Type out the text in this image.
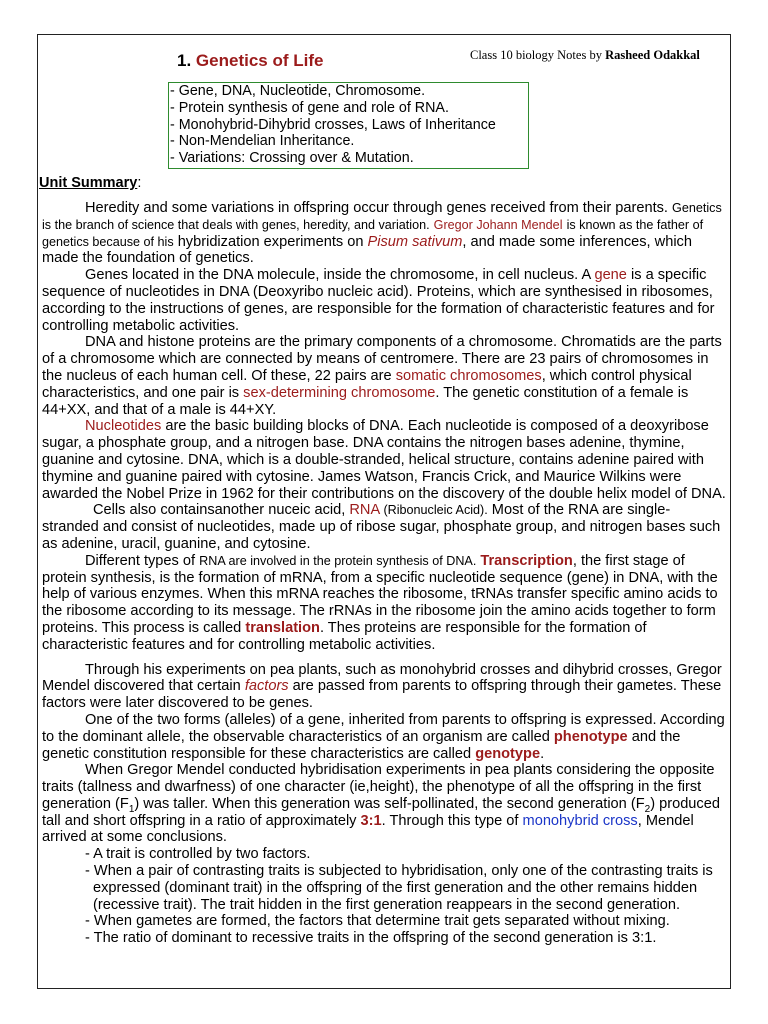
1. Genetics of Life	Class 10 biology Notes by Rasheed Odakkal
- Gene, DNA, Nucleotide, Chromosome.
- Protein synthesis of gene and role of RNA.
- Monohybrid-Dihybrid crosses, Laws of Inheritance
- Non-Mendelian Inheritance.
- Variations: Crossing over & Mutation.
Unit Summary:

Heredity and some variations in offspring occur through genes received from their parents. Genetics is the branch of science that deals with genes, heredity, and variation. Gregor Johann Mendel is known as the father of genetics because of his hybridization experiments on Pisum sativum, and made some inferences, which made the foundation of genetics.

Genes located in the DNA molecule, inside the chromosome, in cell nucleus. A gene is a specific sequence of nucleotides in DNA (Deoxyribo nucleic acid). Proteins, which are synthesised in ribosomes, according to the instructions of genes, are responsible for the formation of characteristic features and for controlling metabolic activities.

DNA and histone proteins are the primary components of a chromosome. Chromatids are the parts of a chromosome which are connected by means of centromere. There are 23 pairs of chromosomes in the nucleus of each human cell. Of these, 22 pairs are somatic chromosomes, which control physical characteristics, and one pair is sex-determining chromosome. The genetic constitution of a female is 44+XX, and that of a male is 44+XY.

Nucleotides are the basic building blocks of DNA. Each nucleotide is composed of a deoxyribose sugar, a phosphate group, and a nitrogen base. DNA contains the nitrogen bases adenine, thymine, guanine and cytosine. DNA, which is a double-stranded, helical structure, contains adenine paired with thymine and guanine paired with cytosine. James Watson, Francis Crick, and Maurice Wilkins were awarded the Nobel Prize in 1962 for their contributions on the discovery of the double helix model of DNA.

Cells also containsanother nuceic acid, RNA (Ribonucleic Acid). Most of the RNA are single-stranded and consist of nucleotides, made up of ribose sugar, phosphate group, and nitrogen bases such as adenine, uracil, guanine, and cytosine.

Different types of RNA are involved in the protein synthesis of DNA. Transcription, the first stage of protein synthesis, is the formation of mRNA, from a specific nucleotide sequence (gene) in DNA, with the help of various enzymes. When this mRNA reaches the ribosome, tRNAs transfer specific amino acids to the ribosome according to its message. The rRNAs in the ribosome join the amino acids together to form proteins. This process is called translation. Thes proteins are responsible for the formation of characteristic features and for controlling metabolic activities.

Through his experiments on pea plants, such as monohybrid crosses and dihybrid crosses, Gregor Mendel discovered that certain factors are passed from parents to offspring through their gametes. These factors were later discovered to be genes.

One of the two forms (alleles) of a gene, inherited from parents to offspring is expressed. According to the dominant allele, the observable characteristics of an organism are called phenotype and the genetic constitution responsible for these characteristics are called genotype.

When Gregor Mendel conducted hybridisation experiments in pea plants considering the opposite traits (tallness and dwarfness) of one character (ie,height), the phenotype of all the offspring in the first generation $(F_1)$ was taller. When this generation was self-pollinated, the second generation $(F_2)$ produced tall and short offspring in a ratio of approximately 3:1. Through this type of monohybrid cross, Mendel arrived at some conclusions.

- A trait is controlled by two factors.
- When a pair of contrasting traits is subjected to hybridisation, only one of the contrasting traits is expressed (dominant trait) in the offspring of the first generation and the other remains hidden (recessive trait). The trait hidden in the first generation reappears in the second generation.
- When gametes are formed, the factors that determine trait gets separated without mixing.
- The ratio of dominant to recessive traits in the offspring of the second generation is 3:1.
